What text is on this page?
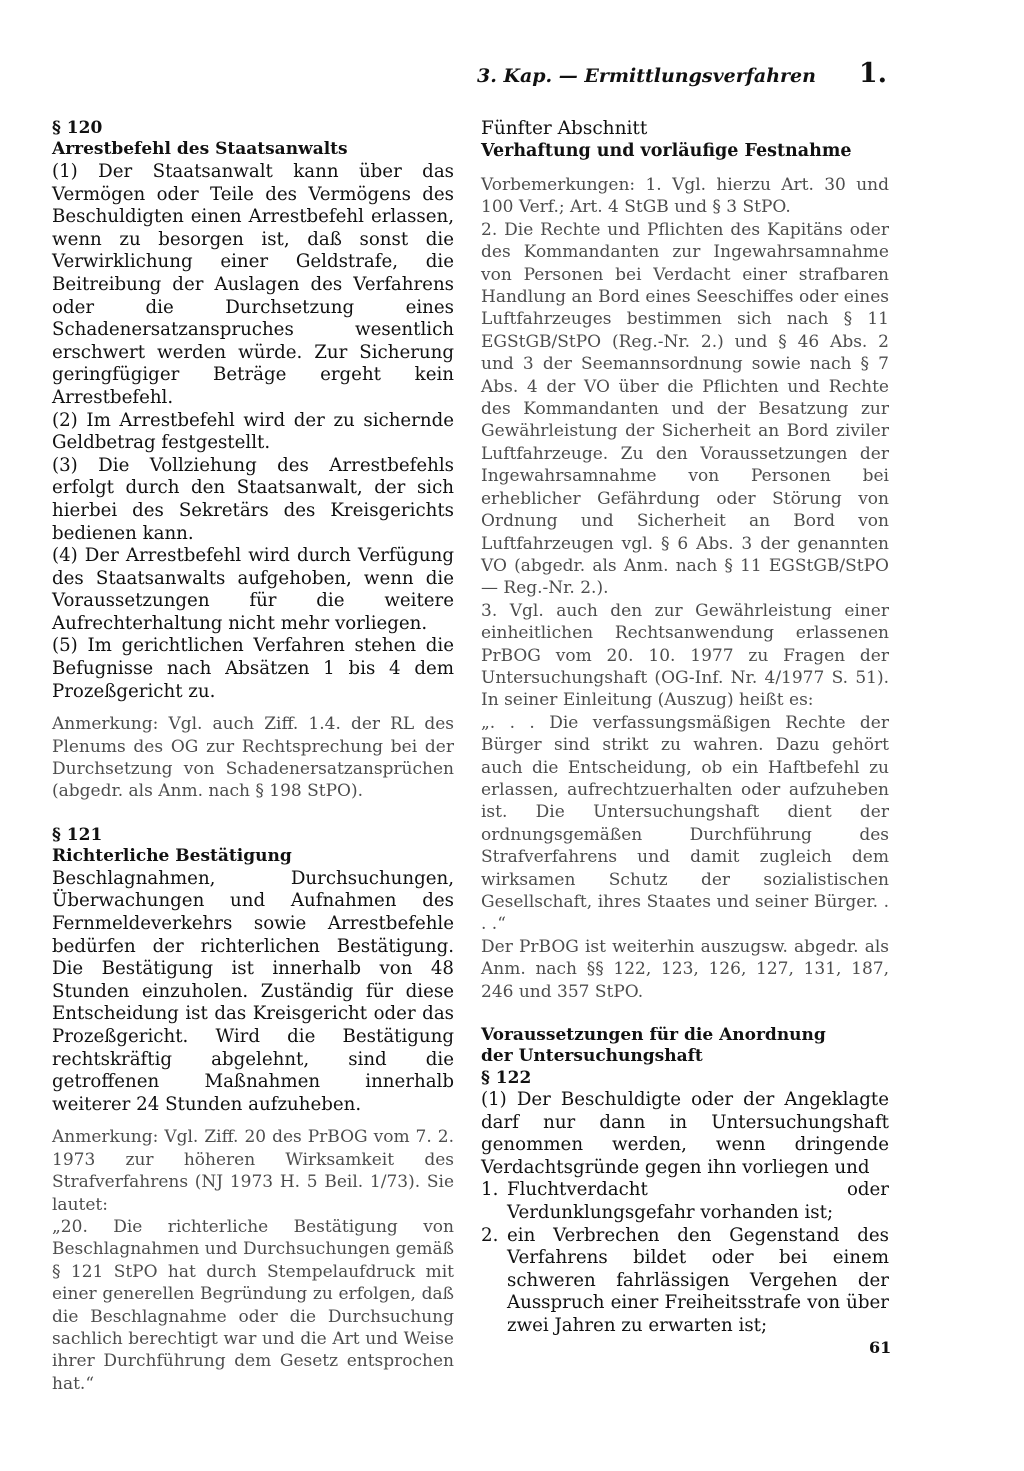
3. Kap. — Ermittlungsverfahren 1.
§ 120
Arrestbefehl des Staatsanwalts

(1) Der Staatsanwalt kann über das Vermögen oder Teile des Vermögens des Beschuldigten einen Arrestbefehl erlassen, wenn zu besorgen ist, daß sonst die Verwirklichung einer Geldstrafe, die Beitreibung der Auslagen des Verfahrens oder die Durchsetzung eines Schadenersatzanspruches wesentlich erschwert werden würde. Zur Sicherung geringfügiger Beträge ergeht kein Arrestbefehl.

(2) Im Arrestbefehl wird der zu sichernde Geldbetrag festgestellt.

(3) Die Vollziehung des Arrestbefehls erfolgt durch den Staatsanwalt, der sich hierbei des Sekretärs des Kreisgerichts bedienen kann.

(4) Der Arrestbefehl wird durch Verfügung des Staatsanwalts aufgehoben, wenn die Voraussetzungen für die weitere Aufrechterhaltung nicht mehr vorliegen.

(5) Im gerichtlichen Verfahren stehen die Befugnisse nach Absätzen 1 bis 4 dem Prozeßgericht zu.

Anmerkung: Vgl. auch Ziff. 1.4. der RL des Plenums des OG zur Rechtsprechung bei der Durchsetzung von Schadenersatzansprüchen (abgedr. als Anm. nach § 198 StPO).

§ 121
Richterliche Bestätigung

Beschlagnahmen, Durchsuchungen, Überwachungen und Aufnahmen des Fernmeldeverkehrs sowie Arrestbefehle bedürfen der richterlichen Bestätigung. Die Bestätigung ist innerhalb von 48 Stunden einzuholen. Zuständig für diese Entscheidung ist das Kreisgericht oder das Prozeßgericht. Wird die Bestätigung rechtskräftig abgelehnt, sind die getroffenen Maßnahmen innerhalb weiterer 24 Stunden aufzuheben.

Anmerkung: Vgl. Ziff. 20 des PrBOG vom 7. 2. 1973 zur höheren Wirksamkeit des Strafverfahrens (NJ 1973 H. 5 Beil. 1/73). Sie lautet:

„20. Die richterliche Bestätigung von Beschlagnahmen und Durchsuchungen gemäß § 121 StPO hat durch Stempelaufdruck mit einer generellen Begründung zu erfolgen, daß die Beschlagnahme oder die Durchsuchung sachlich berechtigt war und die Art und Weise ihrer Durchführung dem Gesetz entsprochen hat.“

Fünfter Abschnitt
Verhaftung und vorläufige Festnahme

Vorbemerkungen: 1. Vgl. hierzu Art. 30 und 100 Verf.; Art. 4 StGB und § 3 StPO.

2. Die Rechte und Pflichten des Kapitäns oder des Kommandanten zur Ingewahrsamnahme von Personen bei Verdacht einer strafbaren Handlung an Bord eines Seeschiffes oder eines Luftfahrzeuges bestimmen sich nach § 11 EGStGB/StPO (Reg.-Nr. 2.) und § 46 Abs. 2 und 3 der Seemannsordnung sowie nach § 7 Abs. 4 der VO über die Pflichten und Rechte des Kommandanten und der Besatzung zur Gewährleistung der Sicherheit an Bord ziviler Luftfahrzeuge. Zu den Voraussetzungen der Ingewahrsamnahme von Personen bei erheblicher Gefährdung oder Störung von Ordnung und Sicherheit an Bord von Luftfahrzeugen vgl. § 6 Abs. 3 der genannten VO (abgedr. als Anm. nach § 11 EGStGB/StPO — Reg.-Nr. 2.).

3. Vgl. auch den zur Gewährleistung einer einheitlichen Rechtsanwendung erlassenen PrBOG vom 20. 10. 1977 zu Fragen der Untersuchungshaft (OG-Inf. Nr. 4/1977 S. 51). In seiner Einleitung (Auszug) heißt es:

„. . . Die verfassungsmäßigen Rechte der Bürger sind strikt zu wahren. Dazu gehört auch die Entscheidung, ob ein Haftbefehl zu erlassen, aufrechtzuerhalten oder aufzuheben ist. Die Untersuchungshaft dient der ordnungsgemäßen Durchführung des Strafverfahrens und damit zugleich dem wirksamen Schutz der sozialistischen Gesellschaft, ihres Staates und seiner Bürger. . . .“

Der PrBOG ist weiterhin auszugsw. abgedr. als Anm. nach §§ 122, 123, 126, 127, 131, 187, 246 und 357 StPO.

Voraussetzungen für die Anordnung
der Untersuchungshaft
§ 122

(1) Der Beschuldigte oder der Angeklagte darf nur dann in Untersuchungshaft genommen werden, wenn dringende Verdachtsgründe gegen ihn vorliegen und

1. Fluchtverdacht oder Verdunklungsgefahr vorhanden ist;
2. ein Verbrechen den Gegenstand des Verfahrens bildet oder bei einem schweren fahrlässigen Vergehen der Ausspruch einer Freiheitsstrafe von über zwei Jahren zu erwarten ist;
61
